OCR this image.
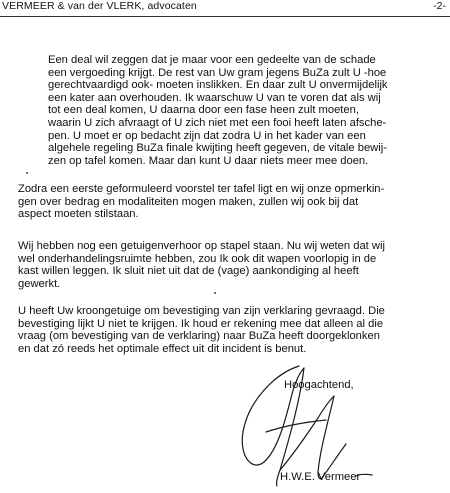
VERMEER & van der VLERK, advocaten	-2-
Een deal wil zeggen dat je maar voor een gedeelte van de schade
een vergoeding krijgt. De rest van Uw gram jegens BuZa zult U -hoe
gerechtvaardigd ook- moeten inslikken. En daar zult U onvermijdelijk
een kater aan overhouden. Ik waarschuw U van te voren dat als wij
tot een deal komen, U daarna door een fase heen zult moeten,
waarin U zich afvraagt of U zich niet met een fooi heeft laten afsche-
pen. U moet er op bedacht zijn dat zodra U in het kader van een
algehele regeling BuZa finale kwijting heeft gegeven, de vitale bewij-
zen op tafel komen. Maar dan kunt U daar niets meer mee doen.
Zodra een eerste geformuleerd voorstel ter tafel ligt en wij onze opmerkin-
gen over bedrag en modaliteiten mogen maken, zullen wij ook bij dat
aspect moeten stilstaan.
Wij hebben nog een getuigenverhoor op stapel staan. Nu wij weten dat wij
wel onderhandelingsruimte hebben, zou Ik ook dit wapen voorlopig in de
kast willen leggen. Ik sluit niet uit dat de (vage) aankondiging al heeft
gewerkt.
U heeft Uw kroongetuige om bevestiging van zijn verklaring gevraagd. Die
bevestiging lijkt U niet te krijgen. Ik houd er rekening mee dat alleen al die
vraag (om bevestiging van de verklaring) naar BuZa heeft doorgeklonken
en dat zó reeds het optimale effect uit dit incident is benut.
Hoogachtend,
H.W.E. Vermeer
